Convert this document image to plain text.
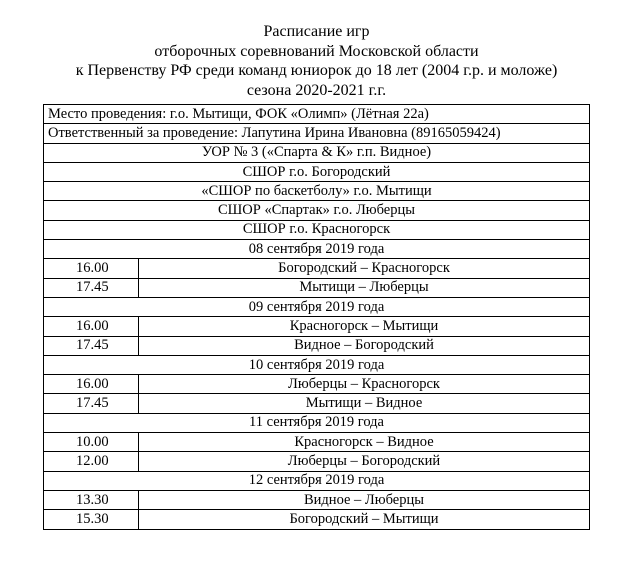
Расписание игр
отборочных соревнований Московской области
к Первенству РФ среди команд юниорок до 18 лет (2004 г.р. и моложе)
сезона 2020-2021 г.г.
Место проведения: г.о. Мытищи, ФОК «Олимп» (Лётная 22а)	
Ответственный за проведение: Лапутина Ирина Ивановна (89165059424)	
УОР № 3 («Спарта & К» г.п. Видное)	
СШОР г.о. Богородский	
«СШОР по баскетболу» г.о. Мытищи	
СШОР «Спартак» г.о. Люберцы	
СШОР г.о. Красногорск	
08 сентября 2019 года	
16.00	Богородский – Красногорск
17.45	Мытищи – Люберцы
09 сентября 2019 года	
16.00	Красногорск – Мытищи
17.45	Видное – Богородский
10 сентября 2019 года	
16.00	Люберцы – Красногорск
17.45	Мытищи – Видное
11 сентября 2019 года	
10.00	Красногорск – Видное
12.00	Люберцы – Богородский
12 сентября 2019 года	
13.30	Видное – Люберцы
15.30	Богородский – Мытищи
